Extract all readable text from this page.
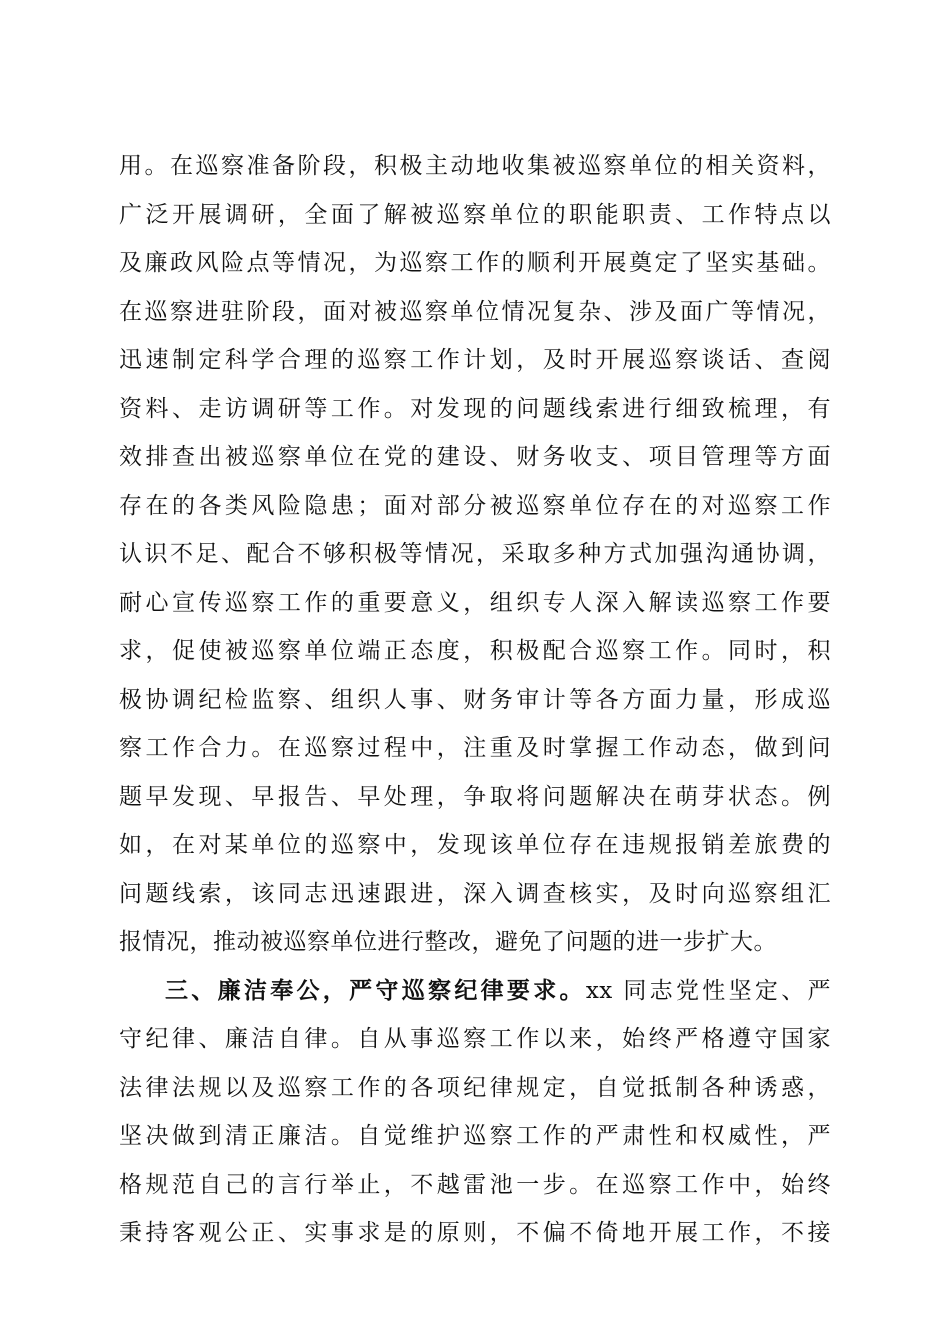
用。在巡察准备阶段，积极主动地收集被巡察单位的相关资料，
广泛开展调研，全面了解被巡察单位的职能职责、工作特点以
及廉政风险点等情况，为巡察工作的顺利开展奠定了坚实基础。
在巡察进驻阶段，面对被巡察单位情况复杂、涉及面广等情况，
迅速制定科学合理的巡察工作计划，及时开展巡察谈话、查阅
资料、走访调研等工作。对发现的问题线索进行细致梳理，有
效排查出被巡察单位在党的建设、财务收支、项目管理等方面
存在的各类风险隐患；面对部分被巡察单位存在的对巡察工作
认识不足、配合不够积极等情况，采取多种方式加强沟通协调，
耐心宣传巡察工作的重要意义，组织专人深入解读巡察工作要
求，促使被巡察单位端正态度，积极配合巡察工作。同时，积
极协调纪检监察、组织人事、财务审计等各方面力量，形成巡
察工作合力。在巡察过程中，注重及时掌握工作动态，做到问
题早发现、早报告、早处理，争取将问题解决在萌芽状态。例
如，在对某单位的巡察中，发现该单位存在违规报销差旅费的
问题线索，该同志迅速跟进，深入调查核实，及时向巡察组汇
报情况，推动被巡察单位进行整改，避免了问题的进一步扩大。
三、廉洁奉公，严守巡察纪律要求。xx 同志党性坚定、严
守纪律、廉洁自律。自从事巡察工作以来，始终严格遵守国家
法律法规以及巡察工作的各项纪律规定，自觉抵制各种诱惑，
坚决做到清正廉洁。自觉维护巡察工作的严肃性和权威性，严
格规范自己的言行举止，不越雷池一步。在巡察工作中，始终
秉持客观公正、实事求是的原则，不偏不倚地开展工作，不接
